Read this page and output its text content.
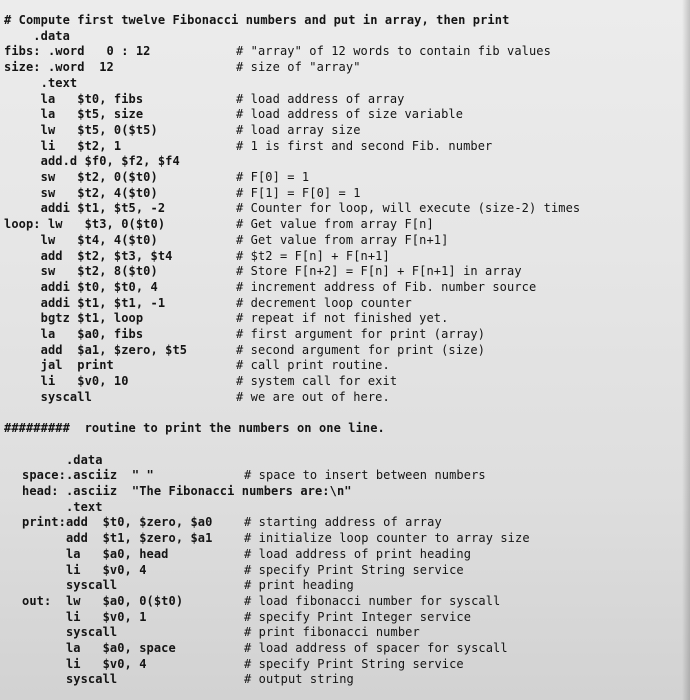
# Compute first twelve Fibonacci numbers and put in array, then print
.data
fibs: .word   0 : 12	# "array" of 12 words to contain fib values
size: .word  12	# size of "array"
.text
la   $t0, fibs	# load address of array
la   $t5, size	# load address of size variable
lw   $t5, 0($t5)	# load array size
li   $t2, 1	# 1 is first and second Fib. number
add.d $f0, $f2, $f4
sw   $t2, 0($t0)	# F[0] = 1
sw   $t2, 4($t0)	# F[1] = F[0] = 1
addi $t1, $t5, -2	# Counter for loop, will execute (size-2) times
loop: lw   $t3, 0($t0)	# Get value from array F[n]
lw   $t4, 4($t0)	# Get value from array F[n+1]
add  $t2, $t3, $t4	# $t2 = F[n] + F[n+1]
sw   $t2, 8($t0)	# Store F[n+2] = F[n] + F[n+1] in array
addi $t0, $t0, 4	# increment address of Fib. number source
addi $t1, $t1, -1	# decrement loop counter
bgtz $t1, loop	# repeat if not finished yet.
la   $a0, fibs	# first argument for print (array)
add  $a1, $zero, $t5	# second argument for print (size)
jal  print	# call print routine.
li   $v0, 10	# system call for exit
syscall	# we are out of here.
#########  routine to print the numbers on one line.
.data
space:.asciiz  " "	# space to insert between numbers
head: .asciiz  "The Fibonacci numbers are:\n"
.text
print:add  $t0, $zero, $a0	# starting address of array
add  $t1, $zero, $a1	# initialize loop counter to array size
la   $a0, head	# load address of print heading
li   $v0, 4	# specify Print String service
syscall	# print heading
out:  lw   $a0, 0($t0)	# load fibonacci number for syscall
li   $v0, 1	# specify Print Integer service
syscall	# print fibonacci number
la   $a0, space	# load address of spacer for syscall
li   $v0, 4	# specify Print String service
syscall	# output string
